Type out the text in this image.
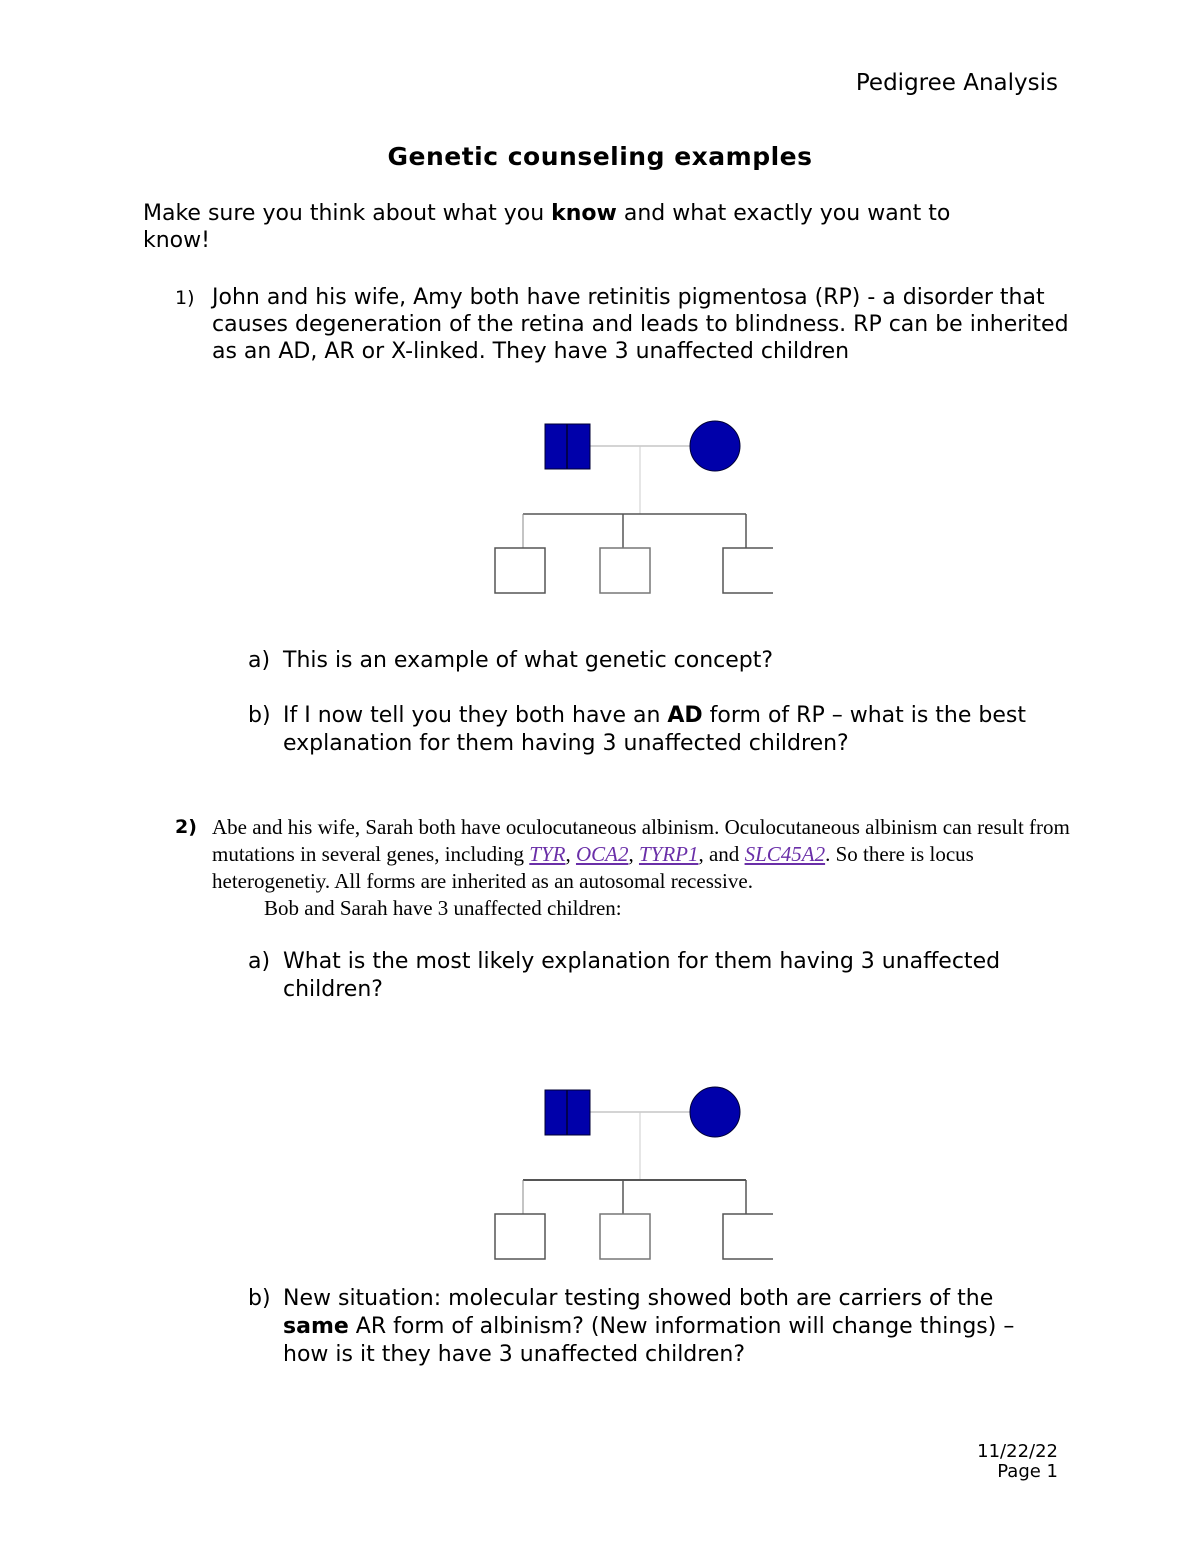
Pedigree Analysis
Genetic counseling examples
Make sure you think about what you know and what exactly you want to know!
1) John and his wife, Amy both have retinitis pigmentosa (RP) - a disorder that causes degeneration of the retina and leads to blindness. RP can be inherited as an AD, AR or X-linked. They have 3 unaffected children
a) This is an example of what genetic concept?
b) If I now tell you they both have an AD form of RP – what is the best explanation for them having 3 unaffected children?
2) Abe and his wife, Sarah both have oculocutaneous albinism. Oculocutaneous albinism can result from mutations in several genes, including TYR, OCA2, TYRP1, and SLC45A2. So there is locus heterogenetiy. All forms are inherited as an autosomal recessive.
Bob and Sarah have 3 unaffected children:
a) What is the most likely explanation for them having 3 unaffected children?
b) New situation: molecular testing showed both are carriers of the same AR form of albinism? (New information will change things) – how is it they have 3 unaffected children?
11/22/22
Page 1
